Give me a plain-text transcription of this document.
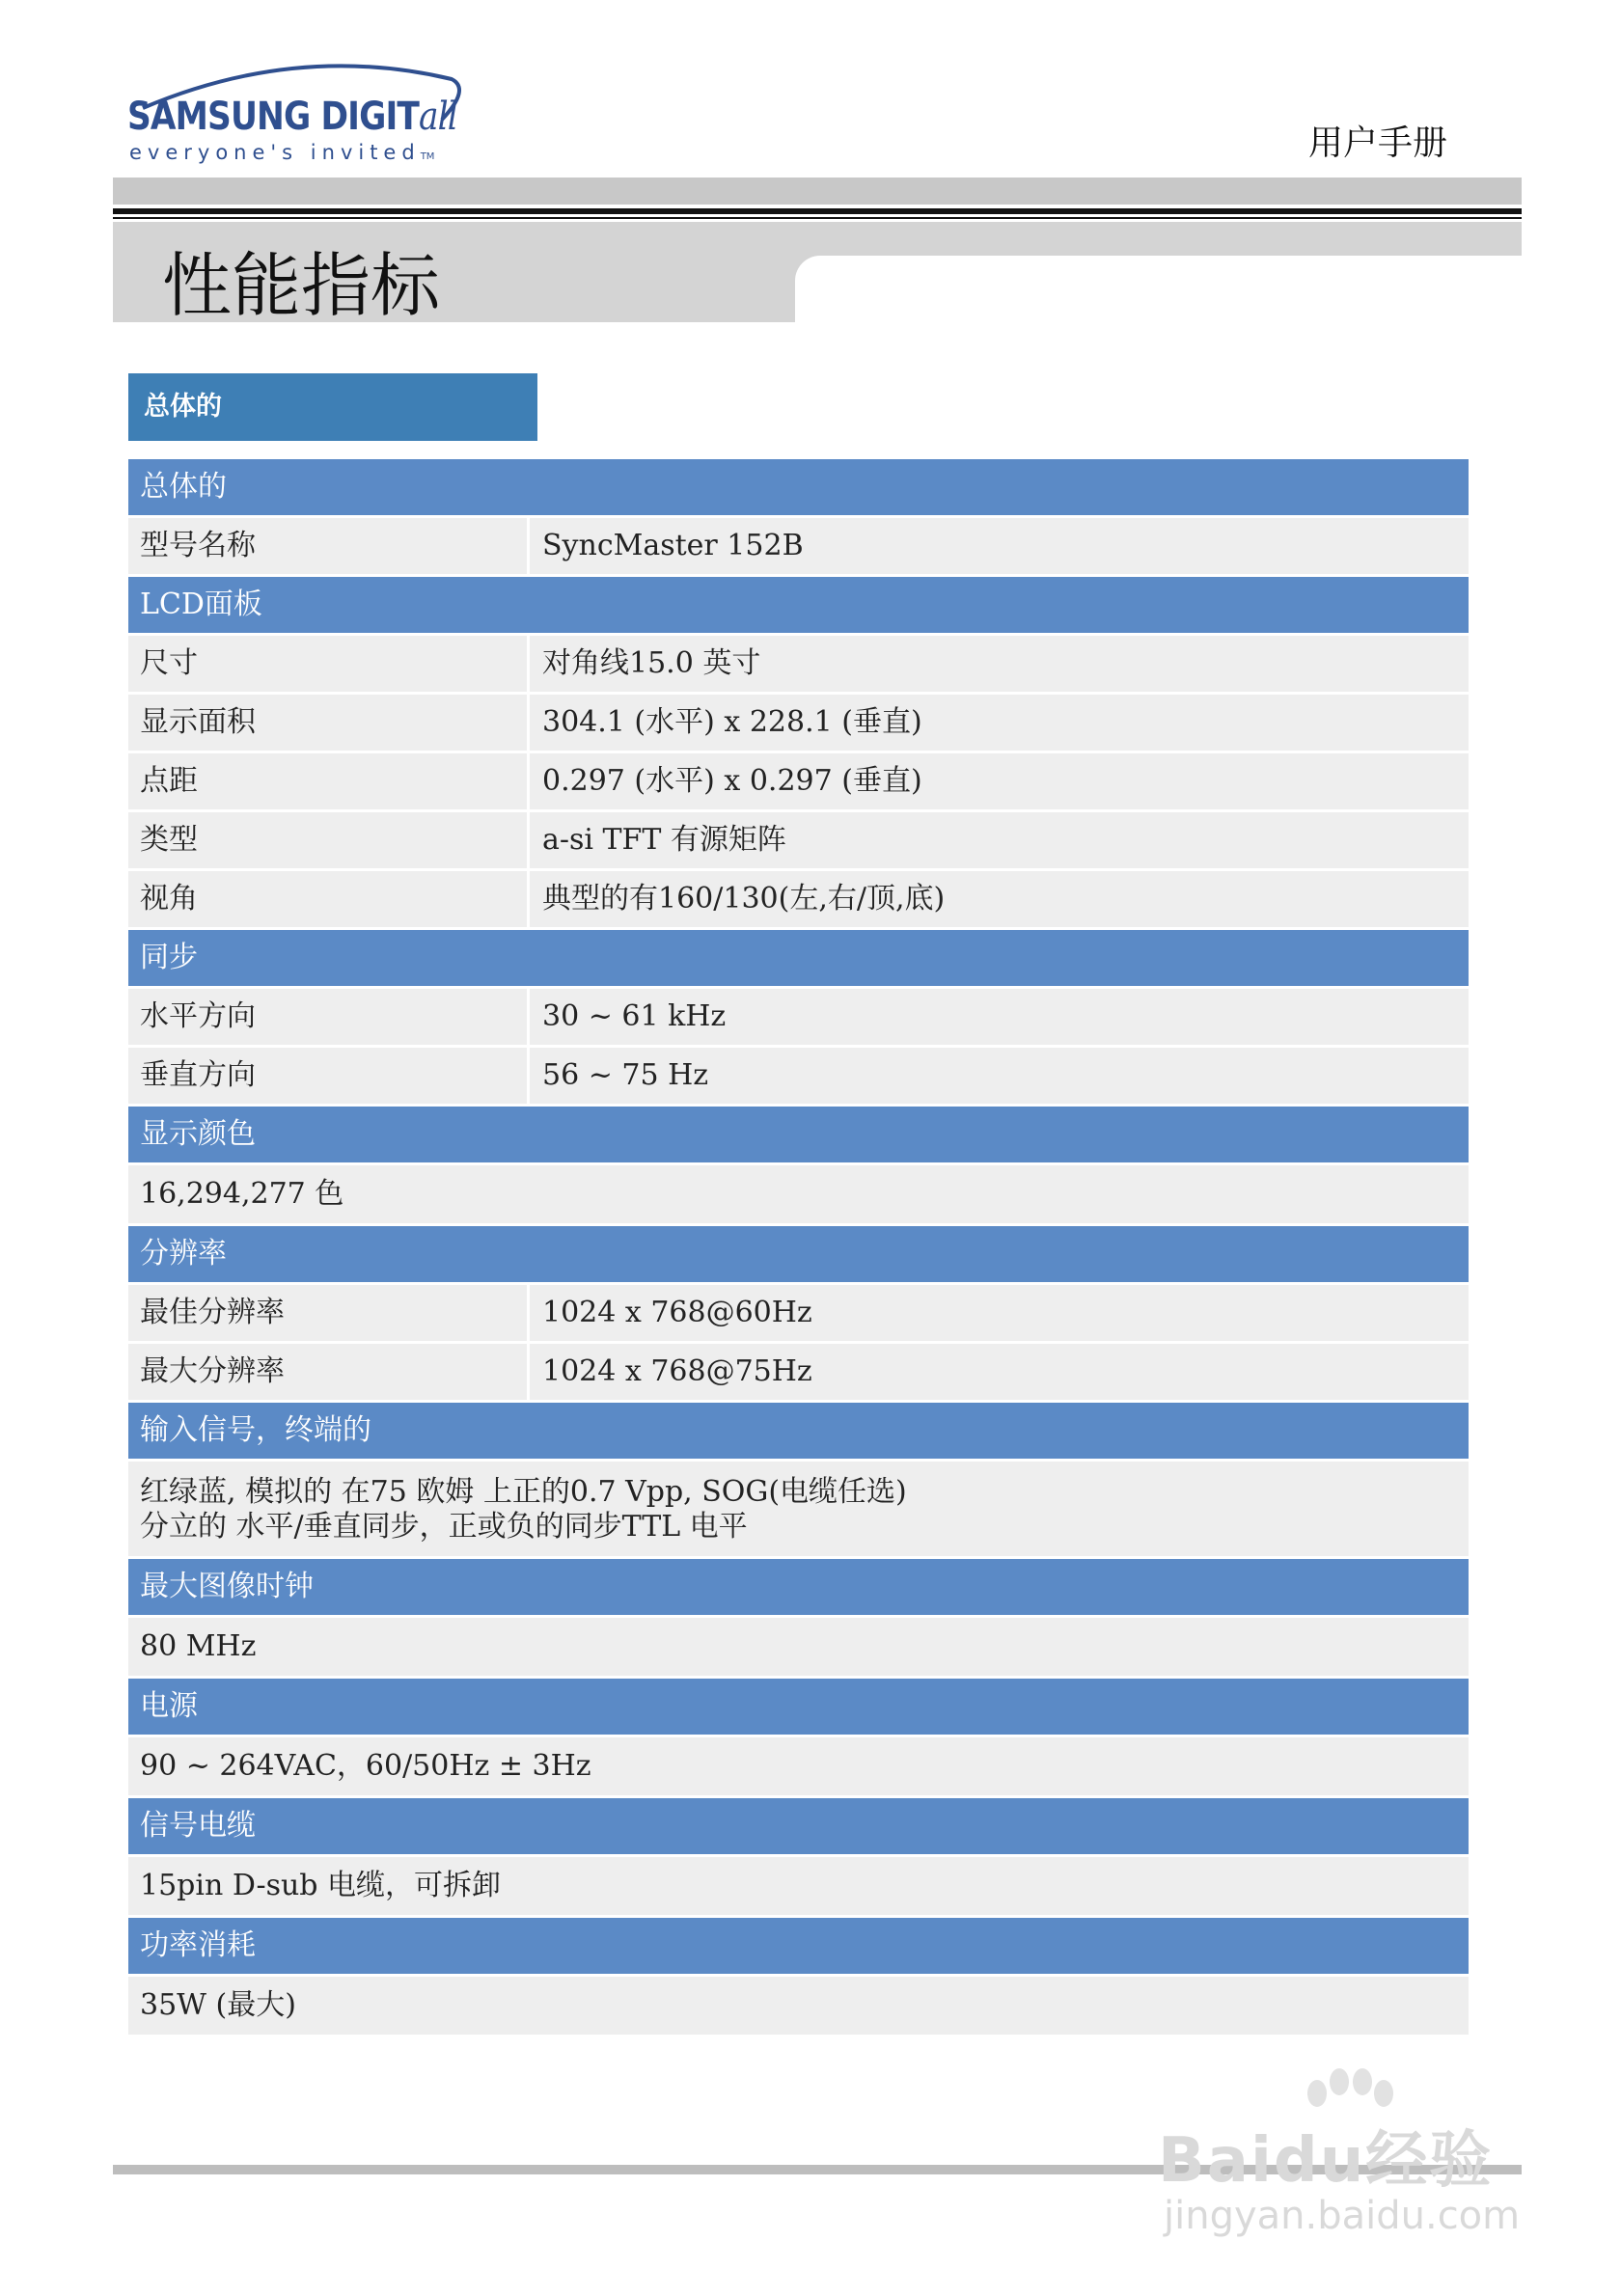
SAMSUNG DIGITall
everyone's invitedTM	用户手册
性能指标
总体的
总体的
型号名称	SyncMaster 152B
LCD面板
尺寸	对角线15.0 英寸
显示面积	304.1 (水平) x 228.1 (垂直)
点距	0.297 (水平) x 0.297 (垂直)
类型	a-si TFT 有源矩阵
视角	典型的有160/130(左,右/顶,底)
同步
水平方向	30 ~ 61 kHz
垂直方向	56 ~ 75 Hz
显示颜色
16,294,277 色
分辨率
最佳分辨率	1024 x 768@60Hz
最大分辨率	1024 x 768@75Hz
输入信号，终端的
红绿蓝, 模拟的 在75 欧姆 上正的0.7 Vpp, SOG(电缆任选)
分立的 水平/垂直同步，正或负的同步TTL 电平
最大图像时钟
80 MHz
电源
90 ~ 264VAC，60/50Hz ± 3Hz
信号电缆
15pin D-sub 电缆，可拆卸
功率消耗
35W (最大)
Baidu经验
jingyan.baidu.com
